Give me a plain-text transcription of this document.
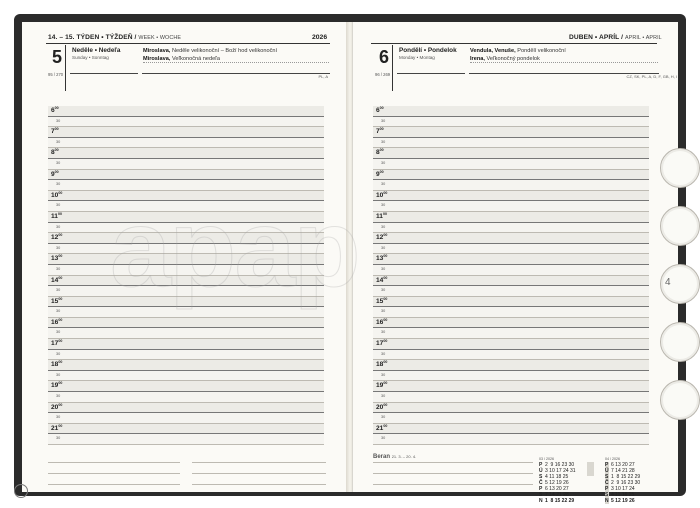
14. – 15. TÝDEN • TÝŽDEŇ / WEEK • WOCHE	2026
5
95 / 270
Neděle • Nedeľa
Sunday • Sonntag
Miroslava, Neděle velikonoční – Boží hod velikonoční
Miroslava, Veľkonočná nedeľa
PL, A
$6^{00}$
30
$7^{00}$
30
$8^{00}$
30
$9^{00}$
30
$10^{00}$
30
$11^{00}$
30
$12^{00}$
30
$13^{00}$
30
$14^{00}$
30
$15^{00}$
30
$16^{00}$
30
$17^{00}$
30
$18^{00}$
30
$19^{00}$
30
$20^{00}$
30
$21^{00}$
30
DUBEN • APRÍL / APRIL • APRIL
6
96 / 269
Pondělí • Pondelok
Monday • Montag
Vendula, Venuše, Pondělí velikonoční
Irena, Veľkonočný pondelok
CZ, SK, PL, A, D, F, GB, H, I
$6^{00}$
30
$7^{00}$
30
$8^{00}$
30
$9^{00}$
30
$10^{00}$
30
$11^{00}$
30
$12^{00}$
30
$13^{00}$
30
$14^{00}$
30
$15^{00}$
30
$16^{00}$
30
$17^{00}$
30
$18^{00}$
30
$19^{00}$
30
$20^{00}$
30
$21^{00}$
30
Beran 21. 3. – 20. 4.	03 / 2026
P 2  9 16 23 30
Ú 3 10 17 24 31
S 4 11 18 25
Č 5 12 19 26
P 6 13 20 27
S 7 14 21 28
N 1  8 15 22 29
04 / 2026
P 6 13 20 27
Ú 7 14 21 28
S 1  8 15 22 29
Č 2  9 16 23 30
P 3 10 17 24
S 4 11 18 25
N 5 12 19 26
4
